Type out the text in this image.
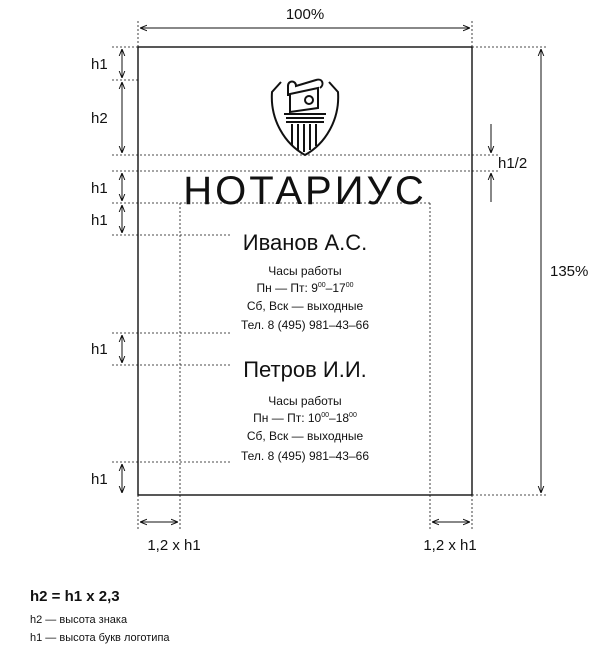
100%
135%
h1
h2
h1
h1
h1
h1
h1/2
1,2 x h1	1,2 x h1
НОТАРИУС
Иванов А.С.
Часы работы
Пн — Пт: $9^{00}-17^{00}$
Сб, Вск — выходные
Тел. 8 (495) 981–43–66
Петров И.И.
Часы работы
Пн — Пт: $10^{00}-18^{00}$
Сб, Вск — выходные
Тел. 8 (495) 981–43–66
h2 = h1 x 2,3
h2 — высота знака
h1 — высота букв логотипа
